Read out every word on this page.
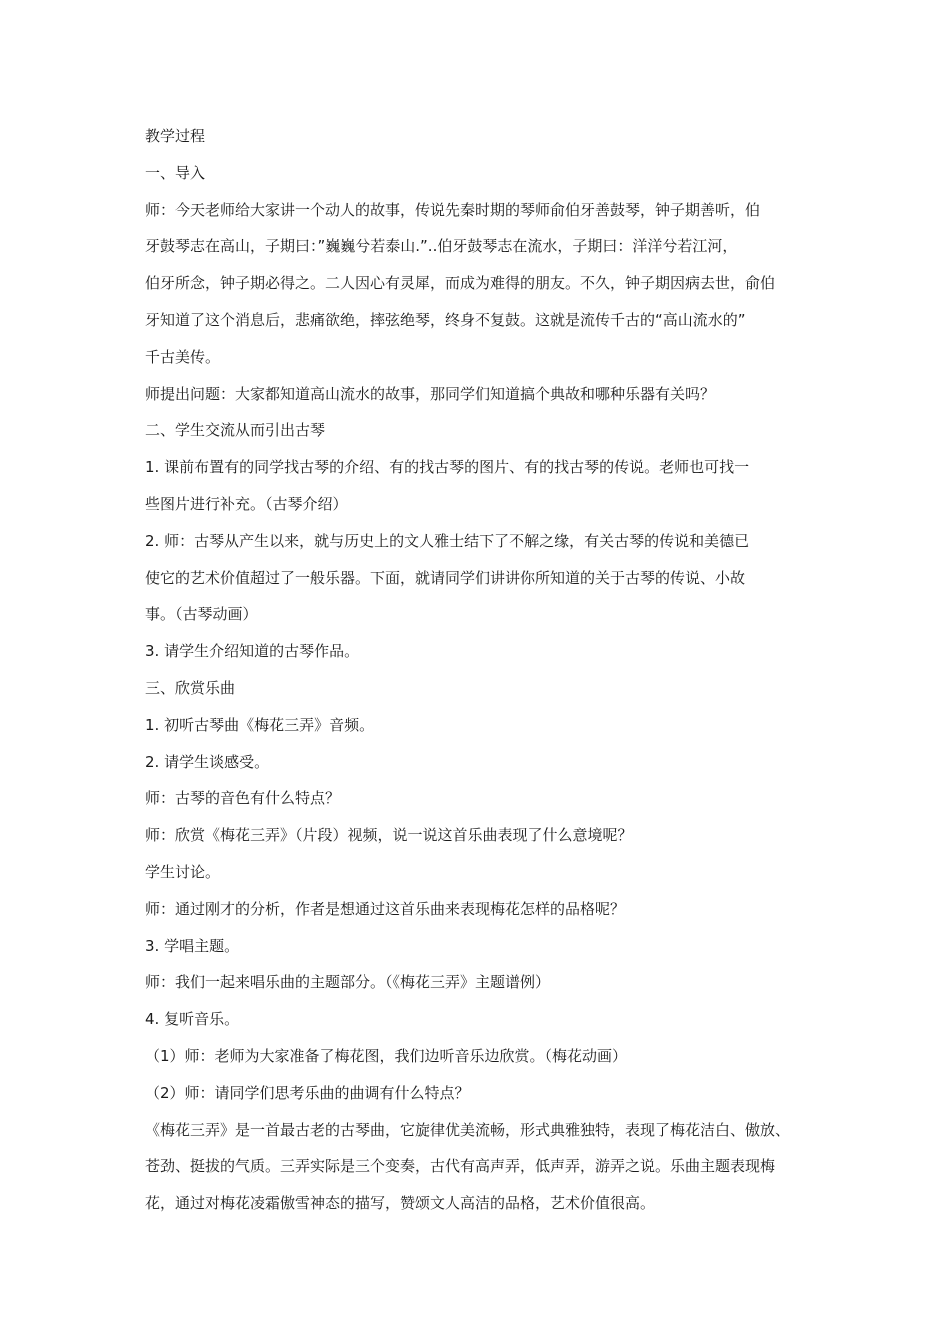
教学过程
一、导入
师：今天老师给大家讲一个动人的故事，传说先秦时期的琴师俞伯牙善鼓琴，钟子期善听，伯
牙鼓琴志在高山，子期曰：”巍巍兮若泰山.”..伯牙鼓琴志在流水，子期曰：洋洋兮若江河，
伯牙所念，钟子期必得之。二人因心有灵犀，而成为难得的朋友。不久，钟子期因病去世，俞伯
牙知道了这个消息后，悲痛欲绝，摔弦绝琴，终身不复鼓。这就是流传千古的“高山流水的”
千古美传。
师提出问题：大家都知道高山流水的故事，那同学们知道搞个典故和哪种乐器有关吗？
二、学生交流从而引出古琴
1. 课前布置有的同学找古琴的介绍、有的找古琴的图片、有的找古琴的传说。老师也可找一
些图片进行补充。（古琴介绍）
2. 师：古琴从产生以来，就与历史上的文人雅士结下了不解之缘，有关古琴的传说和美德已
使它的艺术价值超过了一般乐器。下面，就请同学们讲讲你所知道的关于古琴的传说、小故
事。（古琴动画）
3. 请学生介绍知道的古琴作品。
三、欣赏乐曲
1. 初听古琴曲《梅花三弄》音频。
2. 请学生谈感受。
师：古琴的音色有什么特点？
师：欣赏《梅花三弄》（片段）视频，说一说这首乐曲表现了什么意境呢？
学生讨论。
师：通过刚才的分析，作者是想通过这首乐曲来表现梅花怎样的品格呢？
3. 学唱主题。
师：我们一起来唱乐曲的主题部分。（《梅花三弄》主题谱例）
4. 复听音乐。
（1）师：老师为大家准备了梅花图，我们边听音乐边欣赏。（梅花动画）
（2）师：请同学们思考乐曲的曲调有什么特点？
《梅花三弄》是一首最古老的古琴曲，它旋律优美流畅，形式典雅独特，表现了梅花洁白、傲放、
苍劲、挺拔的气质。三弄实际是三个变奏，古代有高声弄，低声弄，游弄之说。乐曲主题表现梅
花，通过对梅花凌霜傲雪神态的描写，赞颂文人高洁的品格，艺术价值很高。
